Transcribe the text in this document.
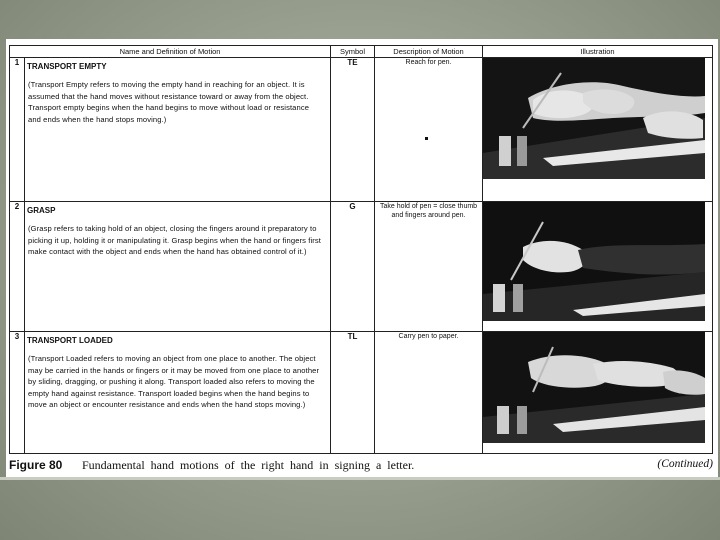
Name and Definition of Motion		Symbol	Description of Motion	Illustration
1	TRANSPORT EMPTY
(Transport Empty refers to moving the empty hand in reaching for an object. It is assumed that the hand moves without resistance toward or away from the object. Transport empty begins when the hand begins to move without load or resistance and ends when the hand stops moving.)	TE	Reach for pen.

2	GRASP
(Grasp refers to taking hold of an object, closing the fingers around it preparatory to picking it up, holding it or manipulating it. Grasp begins when the hand or fingers first make contact with the object and ends when the hand has obtained control of it.)	G	Take hold of pen = close thumb and fingers around pen.	

3	TRANSPORT LOADED
(Transport Loaded refers to moving an object from one place to another. The object may be carried in the hands or fingers or it may be moved from one place to another by sliding, dragging, or pushing it along. Transport loaded also refers to moving the empty hand against resistance. Transport loaded begins when the hand begins to move an object or encounter resistance and ends when the hand stops moving.)	TL	Carry pen to paper.	
Figure 80 Fundamental hand motions of the right hand in signing a letter.	(Continued)
